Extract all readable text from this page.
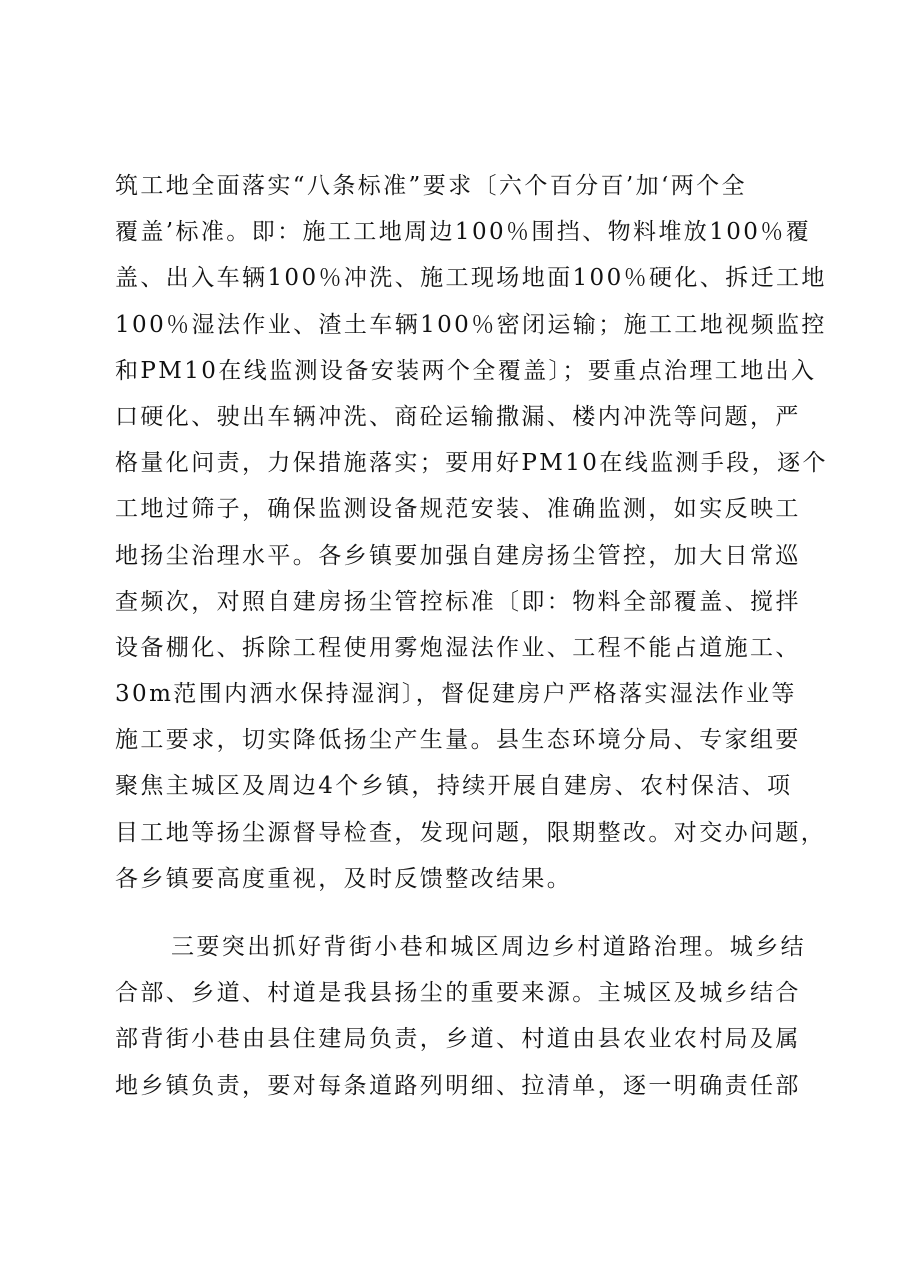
筑工地全面落实“八条标准”要求〔六个百分百’加‘两个全
覆盖’标准。即：施工工地周边100％围挡、物料堆放100％覆
盖、出入车辆100％冲洗、施工现场地面100％硬化、拆迁工地
100％湿法作业、渣土车辆100％密闭运输；施工工地视频监控
和PM10在线监测设备安装两个全覆盖〕；要重点治理工地出入
口硬化、驶出车辆冲洗、商砼运输撒漏、楼内冲洗等问题，严
格量化问责，力保措施落实；要用好PM10在线监测手段，逐个
工地过筛子，确保监测设备规范安装、准确监测，如实反映工
地扬尘治理水平。各乡镇要加强自建房扬尘管控，加大日常巡
查频次，对照自建房扬尘管控标准〔即：物料全部覆盖、搅拌
设备棚化、拆除工程使用雾炮湿法作业、工程不能占道施工、
30m范围内洒水保持湿润〕，督促建房户严格落实湿法作业等
施工要求，切实降低扬尘产生量。县生态环境分局、专家组要
聚焦主城区及周边4个乡镇，持续开展自建房、农村保洁、项
目工地等扬尘源督导检查，发现问题，限期整改。对交办问题，
各乡镇要高度重视，及时反馈整改结果。
三要突出抓好背街小巷和城区周边乡村道路治理。城乡结
合部、乡道、村道是我县扬尘的重要来源。主城区及城乡结合
部背街小巷由县住建局负责，乡道、村道由县农业农村局及属
地乡镇负责，要对每条道路列明细、拉清单，逐一明确责任部
